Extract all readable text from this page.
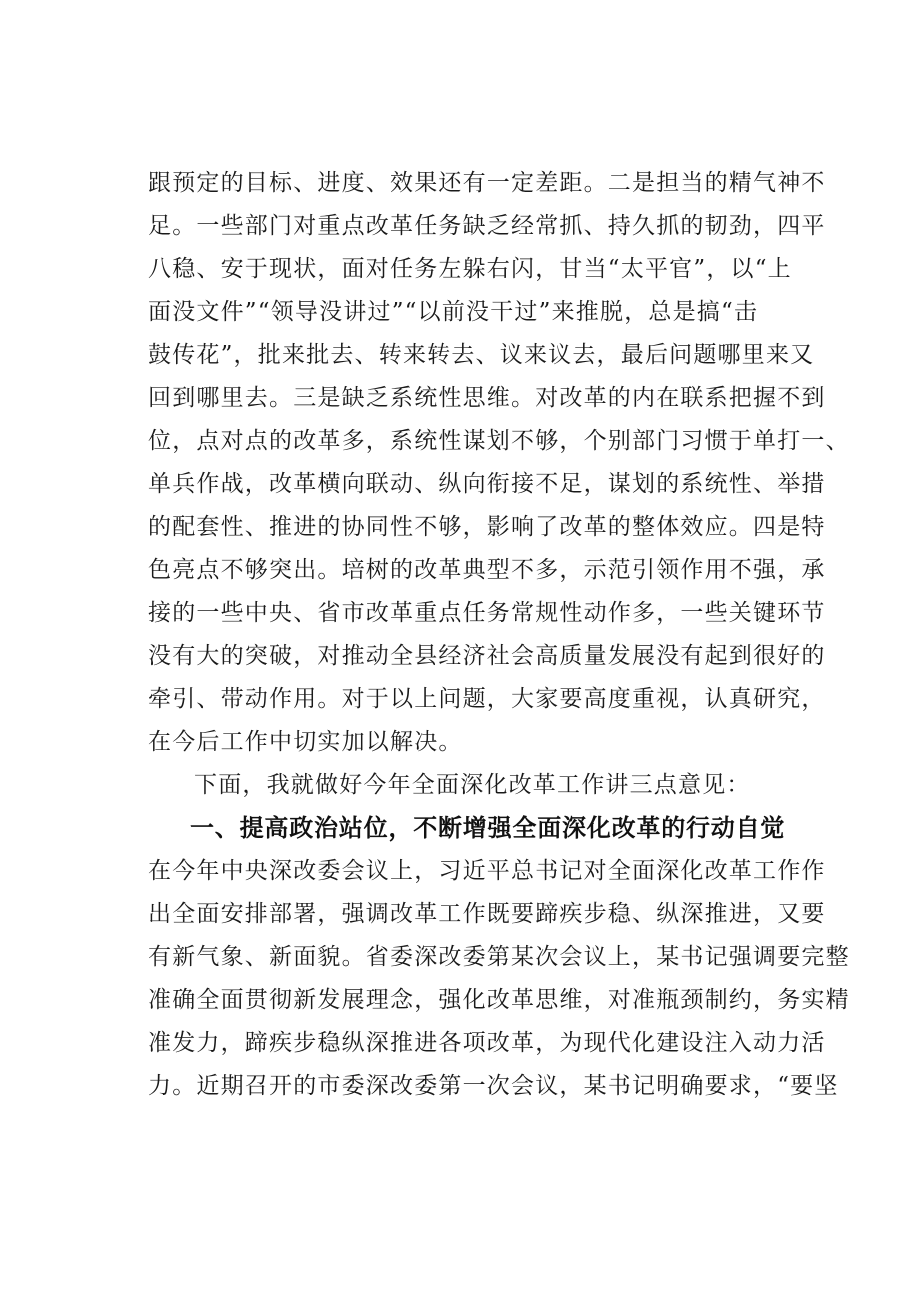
跟预定的目标、进度、效果还有一定差距。二是担当的精气神不
足。一些部门对重点改革任务缺乏经常抓、持久抓的韧劲，四平
八稳、安于现状，面对任务左躲右闪，甘当“太平官”，以“上
面没文件”“领导没讲过”“以前没干过”来推脱，总是搞“击
鼓传花”，批来批去、转来转去、议来议去，最后问题哪里来又
回到哪里去。三是缺乏系统性思维。对改革的内在联系把握不到
位，点对点的改革多，系统性谋划不够，个别部门习惯于单打一、
单兵作战，改革横向联动、纵向衔接不足，谋划的系统性、举措
的配套性、推进的协同性不够，影响了改革的整体效应。四是特
色亮点不够突出。培树的改革典型不多，示范引领作用不强，承
接的一些中央、省市改革重点任务常规性动作多，一些关键环节
没有大的突破，对推动全县经济社会高质量发展没有起到很好的
牵引、带动作用。对于以上问题，大家要高度重视，认真研究，
在今后工作中切实加以解决。
下面，我就做好今年全面深化改革工作讲三点意见：
一、提高政治站位，不断增强全面深化改革的行动自觉
在今年中央深改委会议上，习近平总书记对全面深化改革工作作
出全面安排部署，强调改革工作既要蹄疾步稳、纵深推进，又要
有新气象、新面貌。省委深改委第某次会议上，某书记强调要完整
准确全面贯彻新发展理念，强化改革思维，对准瓶颈制约，务实精
准发力，蹄疾步稳纵深推进各项改革，为现代化建设注入动力活
力。近期召开的市委深改委第一次会议，某书记明确要求，“要坚
